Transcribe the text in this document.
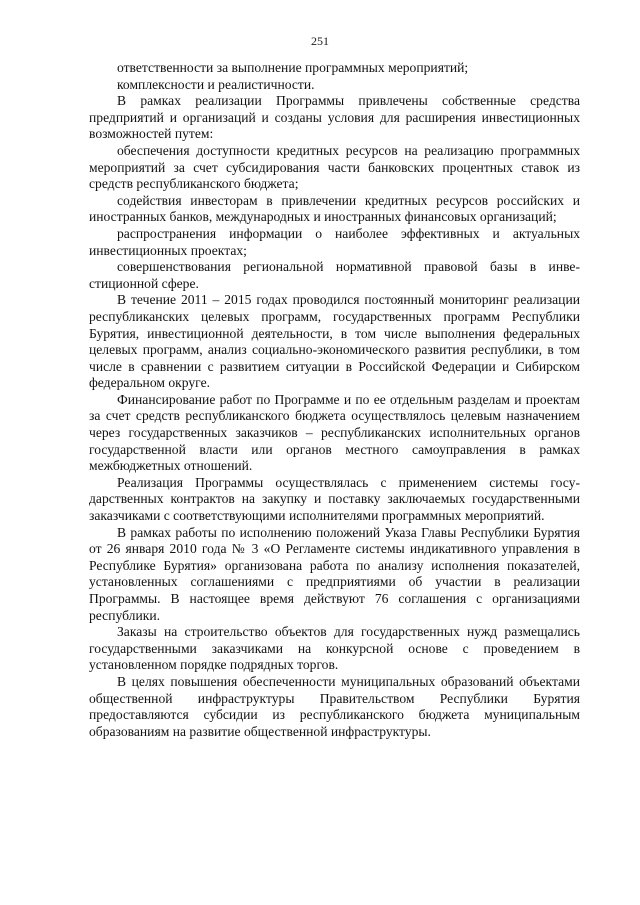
251

ответственности за выполнение программных мероприятий;

комплексности и реалистичности.

В рамках реализации Программы привлечены собственные средства предприятий и организаций и созданы условия для расширения инвестиционных возможностей путем:

обеспечения доступности кредитных ресурсов на реализацию программных мероприятий за счет субсидирования части банковских процентных ставок из средств республиканского бюджета;

содействия инвесторам в привлечении кредитных ресурсов российских и иностранных банков, международных и иностранных финансовых организаций;

распространения информации о наиболее эффективных и актуальных инвестиционных проектах;

совершенствования региональной нормативной правовой базы в инвестиционной сфере.

В течение 2011 – 2015 годах проводился постоянный мониторинг реализации республиканских целевых программ, государственных программ Республики Бурятия, инвестиционной деятельности, в том числе выполнения федеральных целевых программ, анализ социально-экономического развития республики, в том числе в сравнении с развитием ситуации в Российской Федерации и Сибирском федеральном округе.

Финансирование работ по Программе и по ее отдельным разделам и проектам за счет средств республиканского бюджета осуществлялось целевым назначением через государственных заказчиков – республиканских исполнительных органов государственной власти или органов местного самоуправления в рамках межбюджетных отношений.

Реализация Программы осуществлялась с применением системы государственных контрактов на закупку и поставку заключаемых государственными заказчиками с соответствующими исполнителями программных мероприятий.

В рамках работы по исполнению положений Указа Главы Республики Бурятия от 26 января 2010 года № 3 «О Регламенте системы индикативного управления в Республике Бурятия» организована работа по анализу исполнения показателей, установленных соглашениями с предприятиями об участии в реализации Программы. В настоящее время действуют 76 соглашения с организациями республики.

Заказы на строительство объектов для государственных нужд размещались государственными заказчиками на конкурсной основе с проведением в установленном порядке подрядных торгов.

В целях повышения обеспеченности муниципальных образований объектами общественной инфраструктуры Правительством Республики Бурятия предоставляются субсидии из республиканского бюджета муниципальным образованиям на развитие общественной инфраструктуры.
